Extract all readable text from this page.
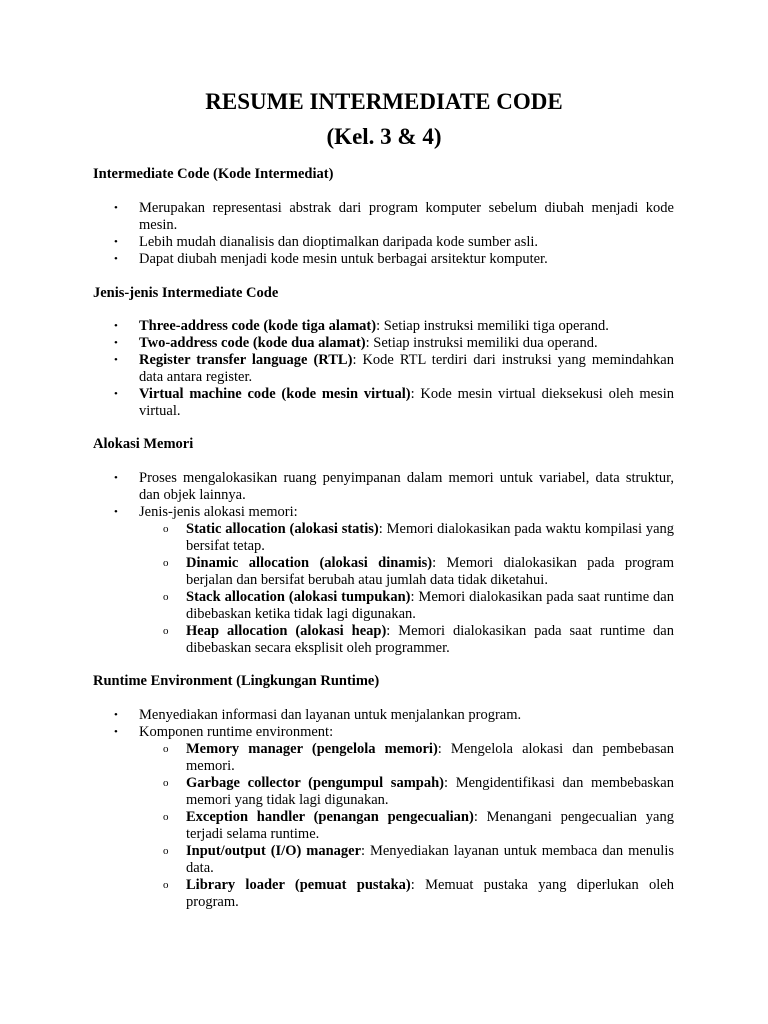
RESUME INTERMEDIATE CODE
(Kel. 3 & 4)
Intermediate Code (Kode Intermediat)
• Merupakan representasi abstrak dari program komputer sebelum diubah menjadi kode mesin.
• Lebih mudah dianalisis dan dioptimalkan daripada kode sumber asli.
• Dapat diubah menjadi kode mesin untuk berbagai arsitektur komputer.
Jenis-jenis Intermediate Code
• Three-address code (kode tiga alamat): Setiap instruksi memiliki tiga operand.
• Two-address code (kode dua alamat): Setiap instruksi memiliki dua operand.
• Register transfer language (RTL): Kode RTL terdiri dari instruksi yang memindahkan data antara register.
• Virtual machine code (kode mesin virtual): Kode mesin virtual dieksekusi oleh mesin virtual.
Alokasi Memori
• Proses mengalokasikan ruang penyimpanan dalam memori untuk variabel, data struktur, dan objek lainnya.
• Jenis-jenis alokasi memori:
o Static allocation (alokasi statis): Memori dialokasikan pada waktu kompilasi yang bersifat tetap.
o Dinamic allocation (alokasi dinamis): Memori dialokasikan pada program berjalan dan bersifat berubah atau jumlah data tidak diketahui.
o Stack allocation (alokasi tumpukan): Memori dialokasikan pada saat runtime dan dibebaskan ketika tidak lagi digunakan.
o Heap allocation (alokasi heap): Memori dialokasikan pada saat runtime dan dibebaskan secara eksplisit oleh programmer.
Runtime Environment (Lingkungan Runtime)
• Menyediakan informasi dan layanan untuk menjalankan program.
• Komponen runtime environment:
o Memory manager (pengelola memori): Mengelola alokasi dan pembebasan memori.
o Garbage collector (pengumpul sampah): Mengidentifikasi dan membebaskan memori yang tidak lagi digunakan.
o Exception handler (penangan pengecualian): Menangani pengecualian yang terjadi selama runtime.
o Input/output (I/O) manager: Menyediakan layanan untuk membaca dan menulis data.
o Library loader (pemuat pustaka): Memuat pustaka yang diperlukan oleh program.
